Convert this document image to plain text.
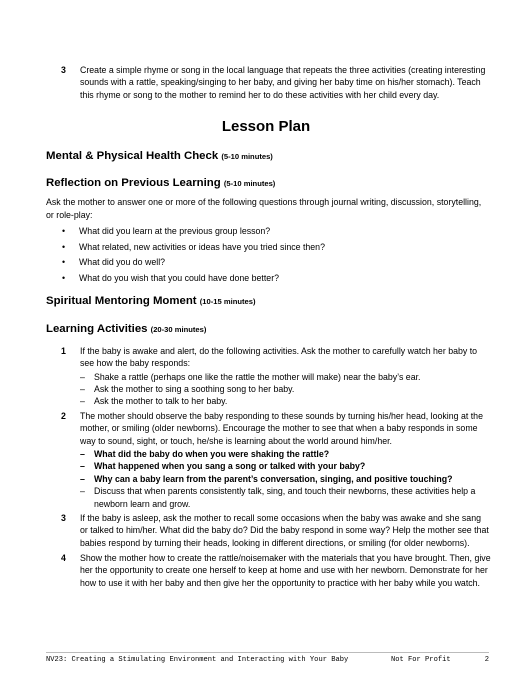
3 Create a simple rhyme or song in the local language that repeats the three activities (creating interesting sounds with a rattle, speaking/singing to her baby, and giving her baby time on his/her stomach). Teach this rhyme or song to the mother to remind her to do these activities with her child every day.
Lesson Plan
Mental & Physical Health Check (5-10 minutes)
Reflection on Previous Learning (5-10 minutes)
Ask the mother to answer one or more of the following questions through journal writing, discussion, storytelling, or role-play:
• What did you learn at the previous group lesson?
• What related, new activities or ideas have you tried since then?
• What did you do well?
• What do you wish that you could have done better?
Spiritual Mentoring Moment (10-15 minutes)
Learning Activities (20-30 minutes)
1 If the baby is awake and alert, do the following activities. Ask the mother to carefully watch her baby to see how the baby responds:
– Shake a rattle (perhaps one like the rattle the mother will make) near the baby’s ear.
– Ask the mother to sing a soothing song to her baby.
– Ask the mother to talk to her baby.
2 The mother should observe the baby responding to these sounds by turning his/her head, looking at the mother, or smiling (older newborns). Encourage the mother to see that when a baby responds in some way to sound, sight, or touch, he/she is learning about the world around him/her.
– What did the baby do when you were shaking the rattle?
– What happened when you sang a song or talked with your baby?
– Why can a baby learn from the parent’s conversation, singing, and positive touching?
– Discuss that when parents consistently talk, sing, and touch their newborns, these activities help a newborn learn and grow.
3 If the baby is asleep, ask the mother to recall some occasions when the baby was awake and she sang or talked to him/her. What did the baby do? Did the baby respond in some way? Help the mother see that babies respond by turning their heads, looking in different directions, or smiling (for older newborns).
4 Show the mother how to create the rattle/noisemaker with the materials that you have brought. Then, give her the opportunity to create one herself to keep at home and use with her newborn. Demonstrate for her how to use it with her baby and then give her the opportunity to practice with her baby while you watch.
NV23: Creating a Stimulating Environment and Interacting with Your Baby	Not For Profit	2
